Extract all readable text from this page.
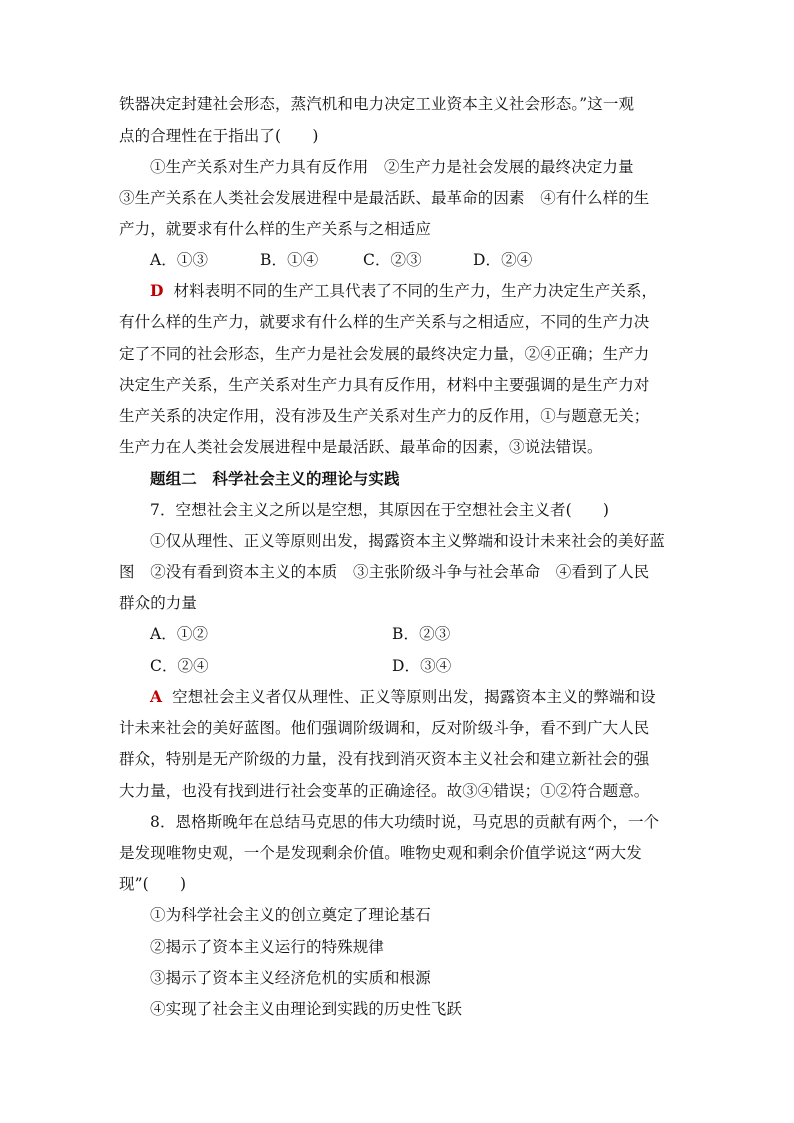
铁器决定封建社会形态，蒸汽机和电力决定工业资本主义社会形态。”这一观
点的合理性在于指出了(　　)
①生产关系对生产力具有反作用　②生产力是社会发展的最终决定力量
③生产关系在人类社会发展进程中是最活跃、最革命的因素　④有什么样的生
产力，就要求有什么样的生产关系与之相适应
A．①③	B．①④	C．②③	D．②④
D 材料表明不同的生产工具代表了不同的生产力，生产力决定生产关系，
有什么样的生产力，就要求有什么样的生产关系与之相适应，不同的生产力决
定了不同的社会形态，生产力是社会发展的最终决定力量，②④正确；生产力
决定生产关系，生产关系对生产力具有反作用，材料中主要强调的是生产力对
生产关系的决定作用，没有涉及生产关系对生产力的反作用，①与题意无关；
生产力在人类社会发展进程中是最活跃、最革命的因素，③说法错误。
题组二　科学社会主义的理论与实践
7．空想社会主义之所以是空想，其原因在于空想社会主义者(　　)
①仅从理性、正义等原则出发，揭露资本主义弊端和设计未来社会的美好蓝
图　②没有看到资本主义的本质　③主张阶级斗争与社会革命　④看到了人民
群众的力量
A．①②	B．②③
C．②④	D．③④
A 空想社会主义者仅从理性、正义等原则出发，揭露资本主义的弊端和设
计未来社会的美好蓝图。他们强调阶级调和，反对阶级斗争，看不到广大人民
群众，特别是无产阶级的力量，没有找到消灭资本主义社会和建立新社会的强
大力量，也没有找到进行社会变革的正确途径。故③④错误；①②符合题意。
8．恩格斯晚年在总结马克思的伟大功绩时说，马克思的贡献有两个，一个
是发现唯物史观，一个是发现剩余价值。唯物史观和剩余价值学说这“两大发
现”(　　)
①为科学社会主义的创立奠定了理论基石
②揭示了资本主义运行的特殊规律
③揭示了资本主义经济危机的实质和根源
④实现了社会主义由理论到实践的历史性飞跃
